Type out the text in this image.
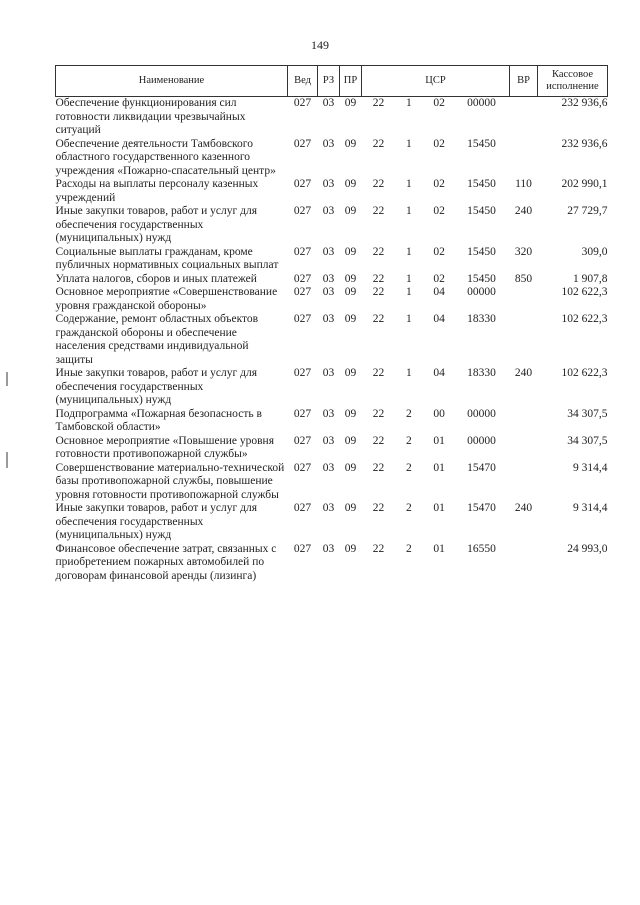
149
Наименование	Вед	РЗ	ПР	ЦСР	ВР	Кассовое исполнение
Обеспечение функционирования сил готовности ликвидации чрезвычайных ситуаций	027	03	09	22 1 02 00000		232 936,6
Обеспечение деятельности Тамбовского областного государственного казенного учреждения «Пожарно-спасательный центр»	027	03	09	22 1 02 15450		232 936,6
Расходы на выплаты персоналу казенных учреждений	027	03	09	22 1 02 15450	110	202 990,1
Иные закупки товаров, работ и услуг для обеспечения государственных (муниципальных) нужд	027	03	09	22 1 02 15450	240	27 729,7
Социальные выплаты гражданам, кроме публичных нормативных социальных выплат	027	03	09	22 1 02 15450	320	309,0
Уплата налогов, сборов и иных платежей	027	03	09	22 1 02 15450	850	1 907,8
Основное мероприятие «Совершенствование уровня гражданской обороны»	027	03	09	22 1 04 00000		102 622,3
Содержание, ремонт областных объектов гражданской обороны и обеспечение населения средствами индивидуальной защиты	027	03	09	22 1 04 18330		102 622,3
Иные закупки товаров, работ и услуг для обеспечения государственных (муниципальных) нужд	027	03	09	22 1 04 18330	240	102 622,3
Подпрограмма «Пожарная безопасность в Тамбовской области»	027	03	09	22 2 00 00000		34 307,5
Основное мероприятие «Повышение уровня готовности противопожарной службы»	027	03	09	22 2 01 00000		34 307,5
Совершенствование материально-технической базы противопожарной службы, повышение уровня готовности противопожарной службы	027	03	09	22 2 01 15470		9 314,4
Иные закупки товаров, работ и услуг для обеспечения государственных (муниципальных) нужд	027	03	09	22 2 01 15470	240	9 314,4
Финансовое обеспечение затрат, связанных с приобретением пожарных автомобилей по договорам финансовой аренды (лизинга)	027	03	09	22 2 01 16550		24 993,0
